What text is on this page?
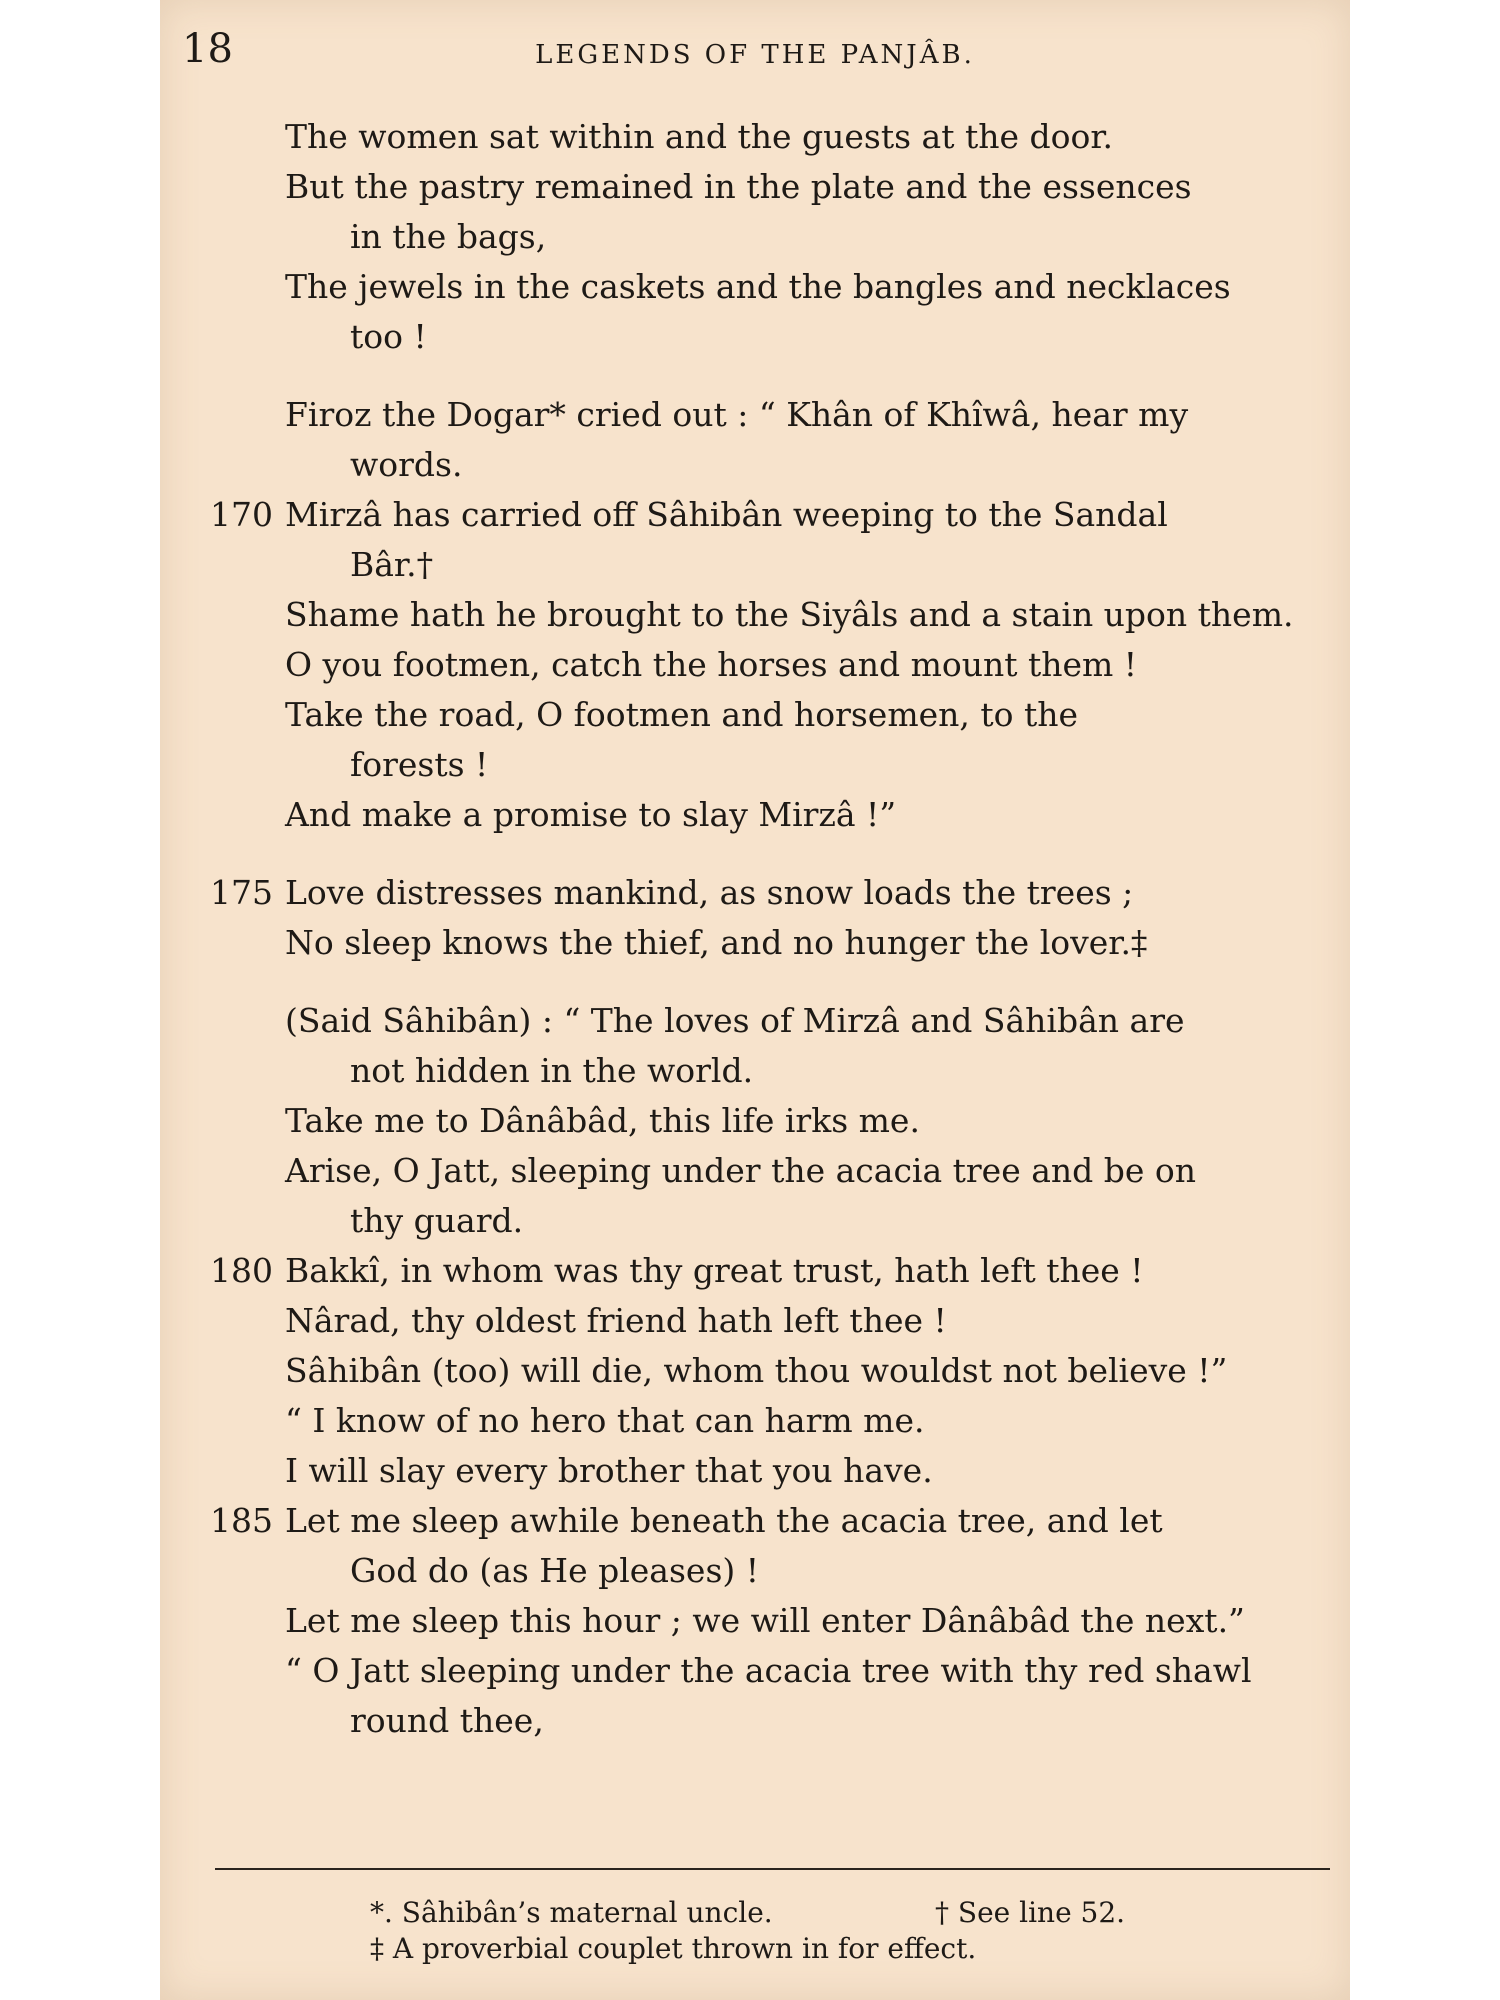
18	LEGENDS OF THE PANJÂB.
The women sat within and the guests at the door.
But the pastry remained in the plate and the essences
in the bags,
The jewels in the caskets and the bangles and necklaces
too !
Firoz the Dogar* cried out : “ Khân of Khîwâ, hear my
words.
170 Mirzâ has carried off Sâhibân weeping to the Sandal
Bâr.†
Shame hath he brought to the Siyâls and a stain upon them.
O you footmen, catch the horses and mount them !
Take the road, O footmen and horsemen, to the
forests !
And make a promise to slay Mirzâ !”
175 Love distresses mankind, as snow loads the trees ;
No sleep knows the thief, and no hunger the lover.‡
(Said Sâhibân) : “ The loves of Mirzâ and Sâhibân are
not hidden in the world.
Take me to Dânâbâd, this life irks me.
Arise, O Jatt, sleeping under the acacia tree and be on
thy guard.
180 Bakkî, in whom was thy great trust, hath left thee !
Nârad, thy oldest friend hath left thee !
Sâhibân (too) will die, whom thou wouldst not believe !”
“ I know of no hero that can harm me.
I will slay every brother that you have.
185 Let me sleep awhile beneath the acacia tree, and let
God do (as He pleases) !
Let me sleep this hour ; we will enter Dânâbâd the next.”
“ O Jatt sleeping under the acacia tree with thy red shawl
round thee,
*. Sâhibân’s maternal uncle.	† See line 52.
‡ A proverbial couplet thrown in for effect.
